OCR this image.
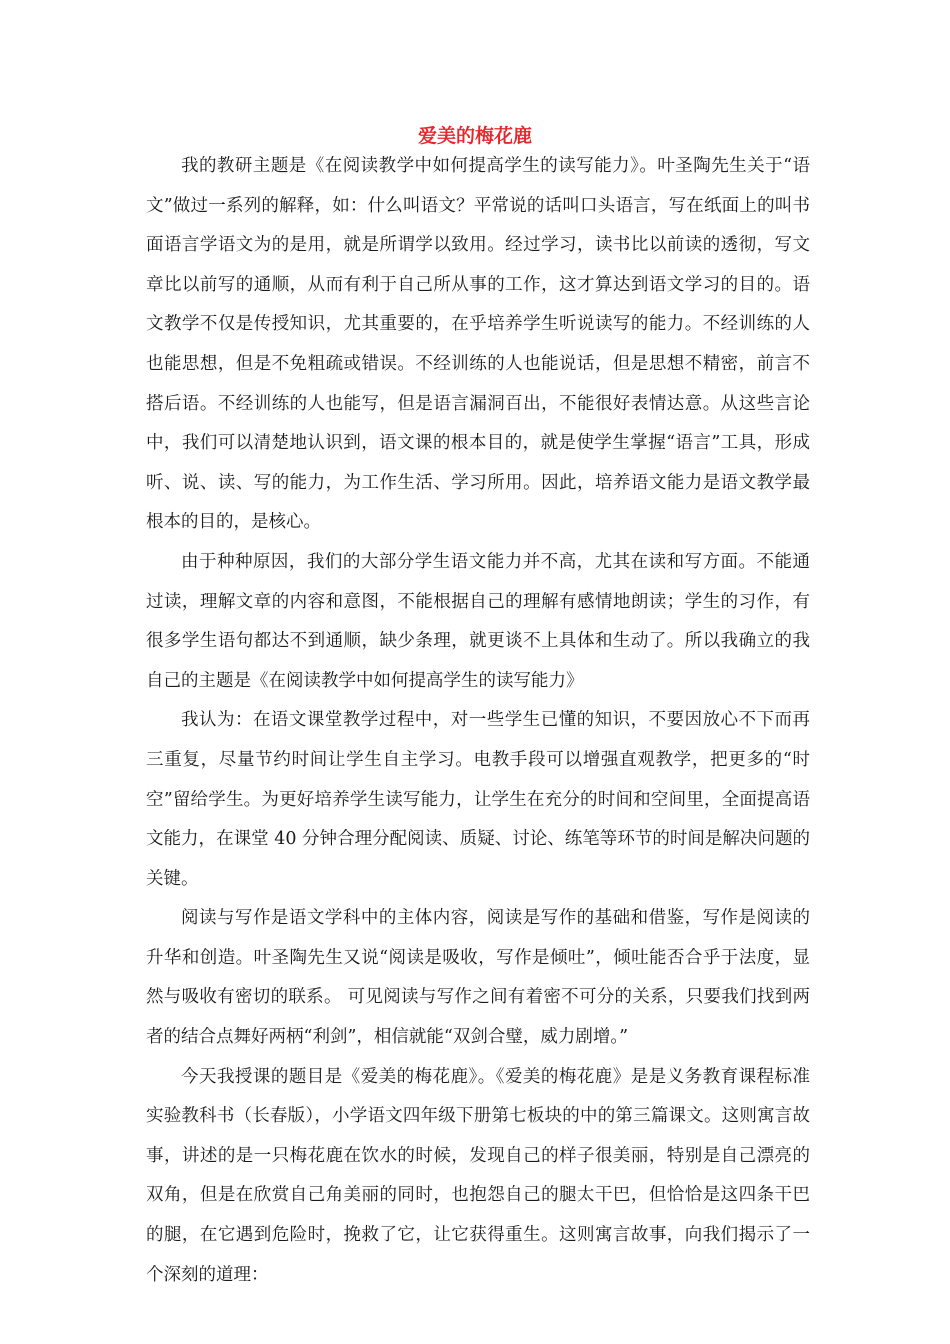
爱美的梅花鹿

我的教研主题是《在阅读教学中如何提高学生的读写能力》。叶圣陶先生关于“语文”做过一系列的解释，如：什么叫语文？平常说的话叫口头语言，写在纸面上的叫书面语言学语文为的是用，就是所谓学以致用。经过学习，读书比以前读的透彻，写文章比以前写的通顺，从而有利于自己所从事的工作，这才算达到语文学习的目的。语文教学不仅是传授知识，尤其重要的，在乎培养学生听说读写的能力。不经训练的人也能思想，但是不免粗疏或错误。不经训练的人也能说话，但是思想不精密，前言不搭后语。不经训练的人也能写，但是语言漏洞百出，不能很好表情达意。从这些言论中，我们可以清楚地认识到，语文课的根本目的，就是使学生掌握“语言”工具，形成听、说、读、写的能力，为工作生活、学习所用。因此，培养语文能力是语文教学最根本的目的，是核心。

由于种种原因，我们的大部分学生语文能力并不高，尤其在读和写方面。不能通过读，理解文章的内容和意图，不能根据自己的理解有感情地朗读；学生的习作，有很多学生语句都达不到通顺，缺少条理，就更谈不上具体和生动了。所以我确立的我自己的主题是《在阅读教学中如何提高学生的读写能力》

我认为：在语文课堂教学过程中，对一些学生已懂的知识，不要因放心不下而再三重复，尽量节约时间让学生自主学习。电教手段可以增强直观教学，把更多的“时空”留给学生。为更好培养学生读写能力，让学生在充分的时间和空间里，全面提高语文能力，在课堂 40 分钟合理分配阅读、质疑、讨论、练笔等环节的时间是解决问题的关键。

阅读与写作是语文学科中的主体内容，阅读是写作的基础和借鉴，写作是阅读的升华和创造。叶圣陶先生又说“阅读是吸收，写作是倾吐”，倾吐能否合乎于法度，显然与吸收有密切的联系。 可见阅读与写作之间有着密不可分的关系，只要我们找到两者的结合点舞好两柄“利剑”，相信就能“双剑合璧，威力剧增。”

今天我授课的题目是《爱美的梅花鹿》。《爱美的梅花鹿》是是义务教育课程标准实验教科书（长春版），小学语文四年级下册第七板块的中的第三篇课文。这则寓言故事，讲述的是一只梅花鹿在饮水的时候，发现自己的样子很美丽，特别是自己漂亮的双角，但是在欣赏自己角美丽的同时，也抱怨自己的腿太干巴，但恰恰是这四条干巴的腿，在它遇到危险时，挽救了它，让它获得重生。这则寓言故事，向我们揭示了一个深刻的道理：
